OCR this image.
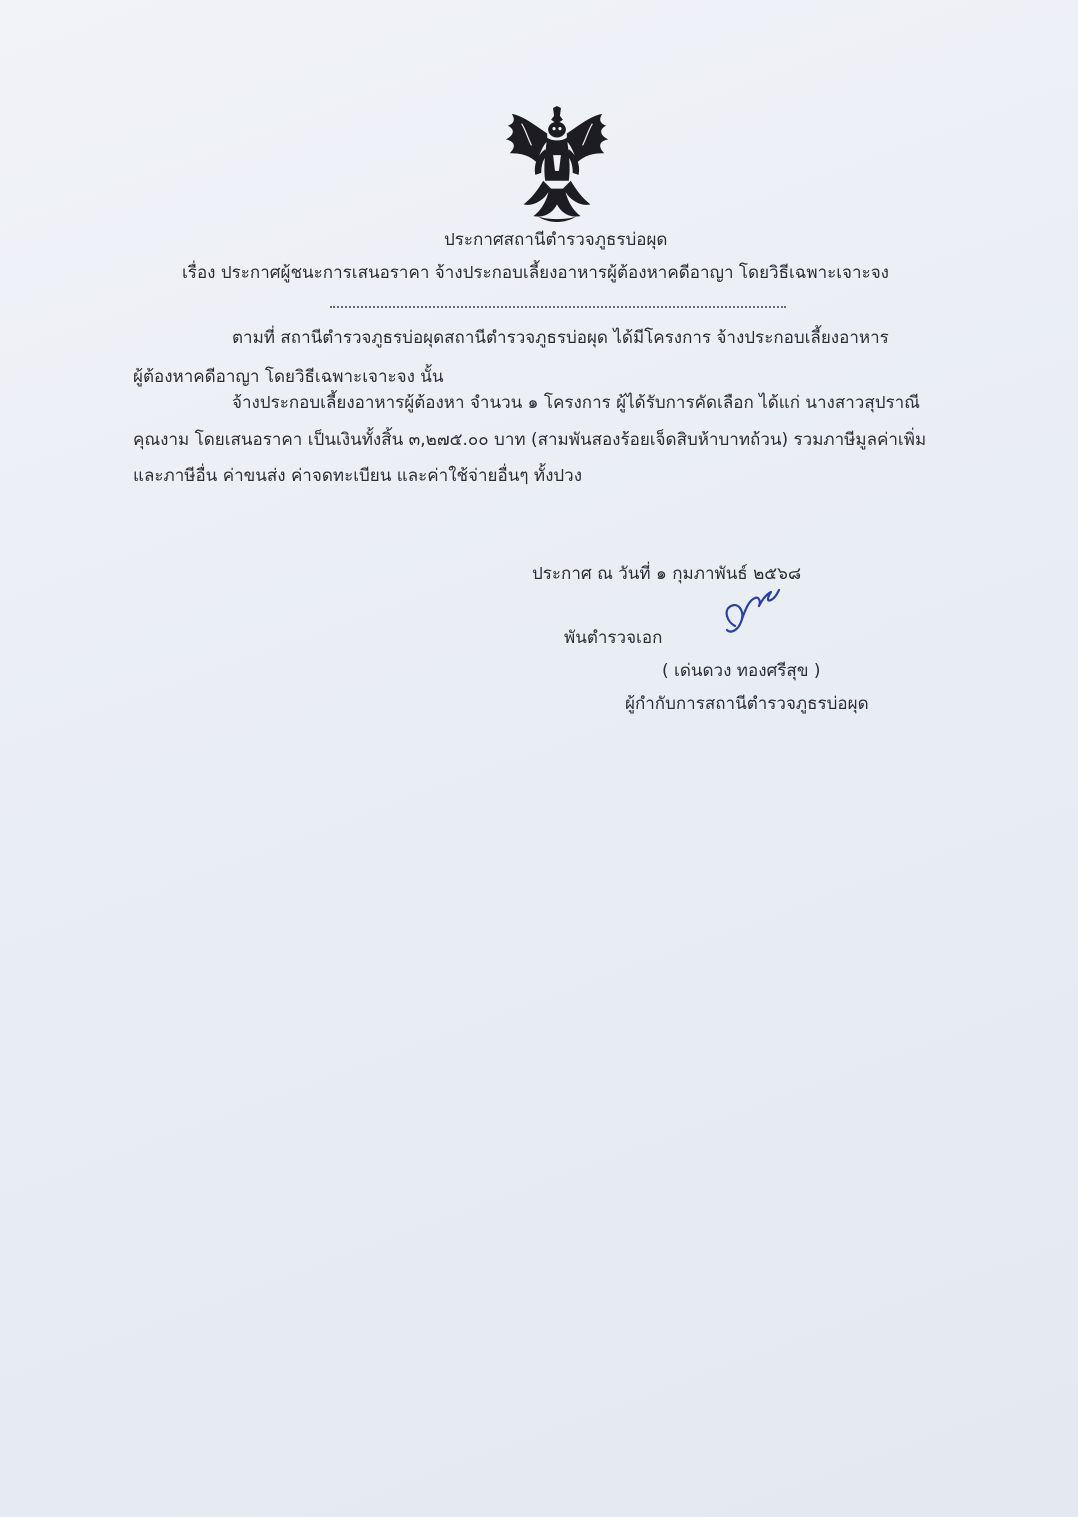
ประกาศสถานีตำรวจภูธรบ่อผุด
เรื่อง ประกาศผู้ชนะการเสนอราคา จ้างประกอบเลี้ยงอาหารผู้ต้องหาคดีอาญา โดยวิธีเฉพาะเจาะจง
ตามที่ สถานีตำรวจภูธรบ่อผุดสถานีตำรวจภูธรบ่อผุด ได้มีโครงการ จ้างประกอบเลี้ยงอาหาร
ผู้ต้องหาคดีอาญา โดยวิธีเฉพาะเจาะจง นั้น
จ้างประกอบเลี้ยงอาหารผู้ต้องหา จำนวน ๑ โครงการ ผู้ได้รับการคัดเลือก ได้แก่ นางสาวสุปราณี
คุณงาม โดยเสนอราคา เป็นเงินทั้งสิ้น ๓,๒๗๕.๐๐ บาท (สามพันสองร้อยเจ็ดสิบห้าบาทถ้วน) รวมภาษีมูลค่าเพิ่ม
และภาษีอื่น ค่าขนส่ง ค่าจดทะเบียน และค่าใช้จ่ายอื่นๆ ทั้งปวง
ประกาศ ณ วันที่ ๑ กุมภาพันธ์ ๒๕๖๘
พันตำรวจเอก
( เด่นดวง ทองศรีสุข )
ผู้กำกับการสถานีตำรวจภูธรบ่อผุด
